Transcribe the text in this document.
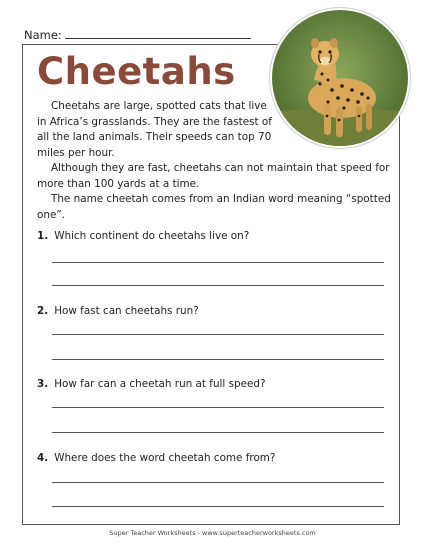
Name:
Cheetahs

Cheetahs are large, spotted cats that live in Africa’s grasslands. They are the fastest of all the land animals. Their speeds can top 70 miles per hour.

Although they are fast, cheetahs can not maintain that speed for more than 100 yards at a time.

The name cheetah comes from an Indian word meaning “spotted one”.

1. Which continent do cheetahs live on?
2. How fast can cheetahs run?
3. How far can a cheetah run at full speed?
4. Where does the word cheetah come from?
Super Teacher Worksheets - www.superteacherworksheets.com
